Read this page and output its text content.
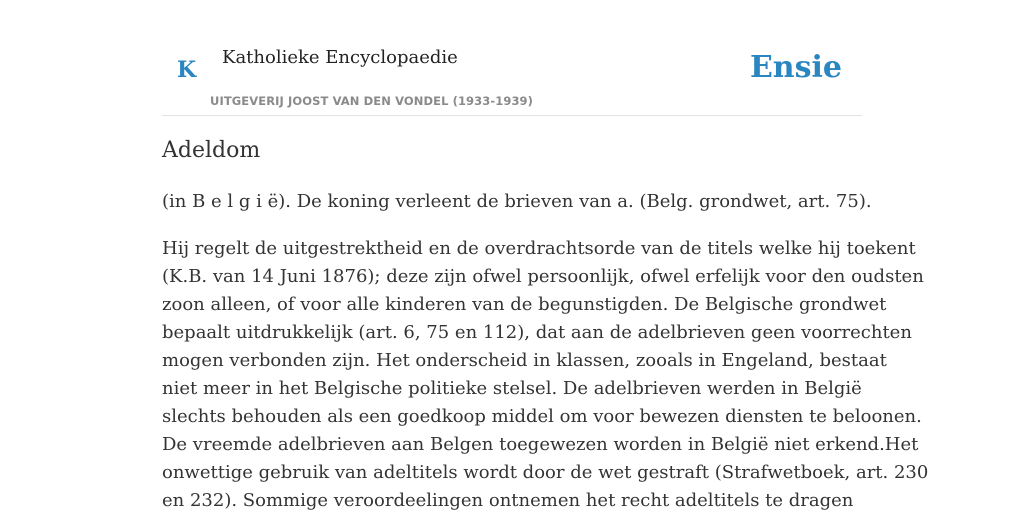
K Katholieke Encyclopaedie
UITGEVERIJ JOOST VAN DEN VONDEL (1933-1939)
Ensie
Adeldom

(in B e l g i ë). De koning verleent de brieven van a. (Belg. grondwet, art. 75).

Hij regelt de uitgestrektheid en de overdrachtsorde van de titels welke hij toekent
(K.B. van 14 Juni 1876); deze zijn ofwel persoonlijk, ofwel erfelijk voor den oudsten
zoon alleen, of voor alle kinderen van de begunstigden. De Belgische grondwet
bepaalt uitdrukkelijk (art. 6, 75 en 112), dat aan de adelbrieven geen voorrechten
mogen verbonden zijn. Het onderscheid in klassen, zooals in Engeland, bestaat
niet meer in het Belgische politieke stelsel. De adelbrieven werden in België
slechts behouden als een goedkoop middel om voor bewezen diensten te beloonen.
De vreemde adelbrieven aan Belgen toegewezen worden in België niet erkend.Het
onwettige gebruik van adeltitels wordt door de wet gestraft (Strafwetboek, art. 230
en 232). Sommige veroordeelingen ontnemen het recht adeltitels te dragen
